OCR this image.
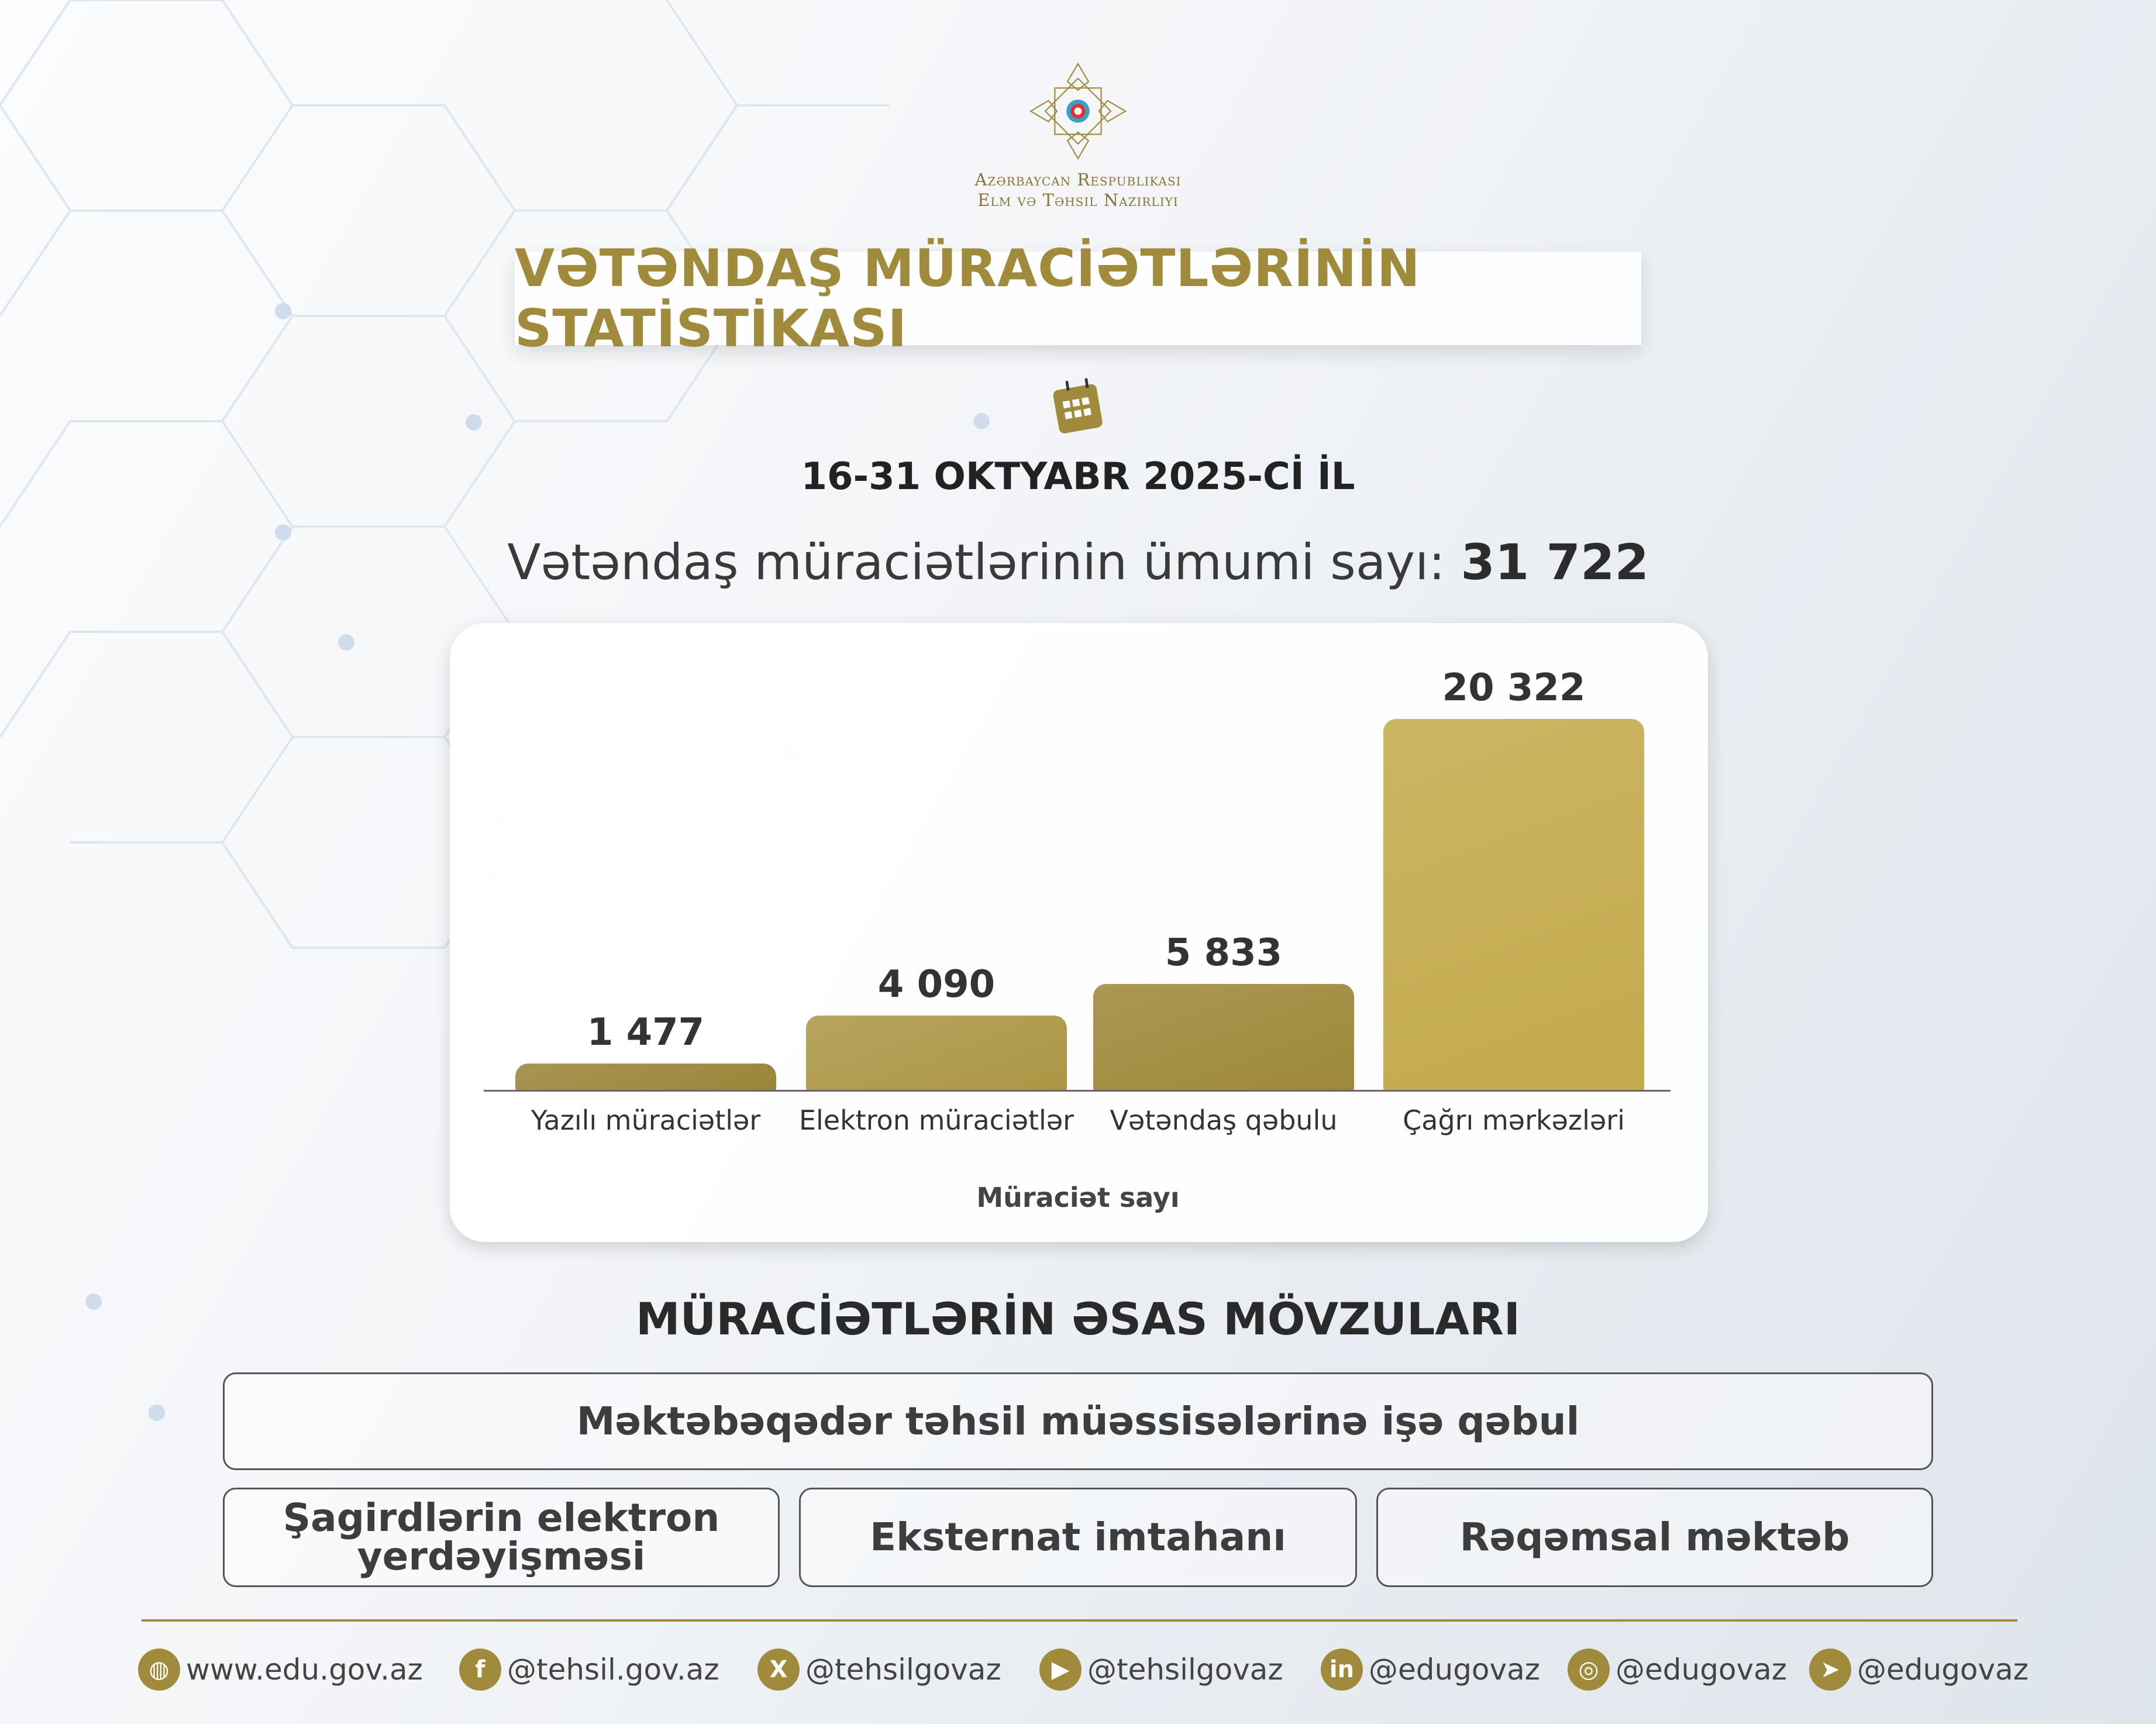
Azərbaycan Respublikası
Elm və Təhsil Nazirliyi
VƏTƏNDAŞ MÜRACİƏTLƏRİNİN STATİSTİKASI
16-31 OKTYABR 2025-Cİ İL
Vətəndaş müraciətlərinin ümumi sayı: 31 722
1 477
Yazılı müraciətlər
4 090
Elektron müraciətlər
5 833
Vətəndaş qəbulu
20 322
Çağrı mərkəzləri
Müraciət sayı
MÜRACİƏTLƏRİN ƏSAS MÖVZULARI
Məktəbəqədər təhsil müəssisələrinə işə qəbul
Şagirdlərin elektron yerdəyişməsi	Eksternat imtahanı	Rəqəmsal məktəb
◍ www.edu.gov.az	f @tehsil.gov.az	X @tehsilgovaz	▶ @tehsilgovaz	in @edugovaz	◎ @edugovaz	➤ @edugovaz
